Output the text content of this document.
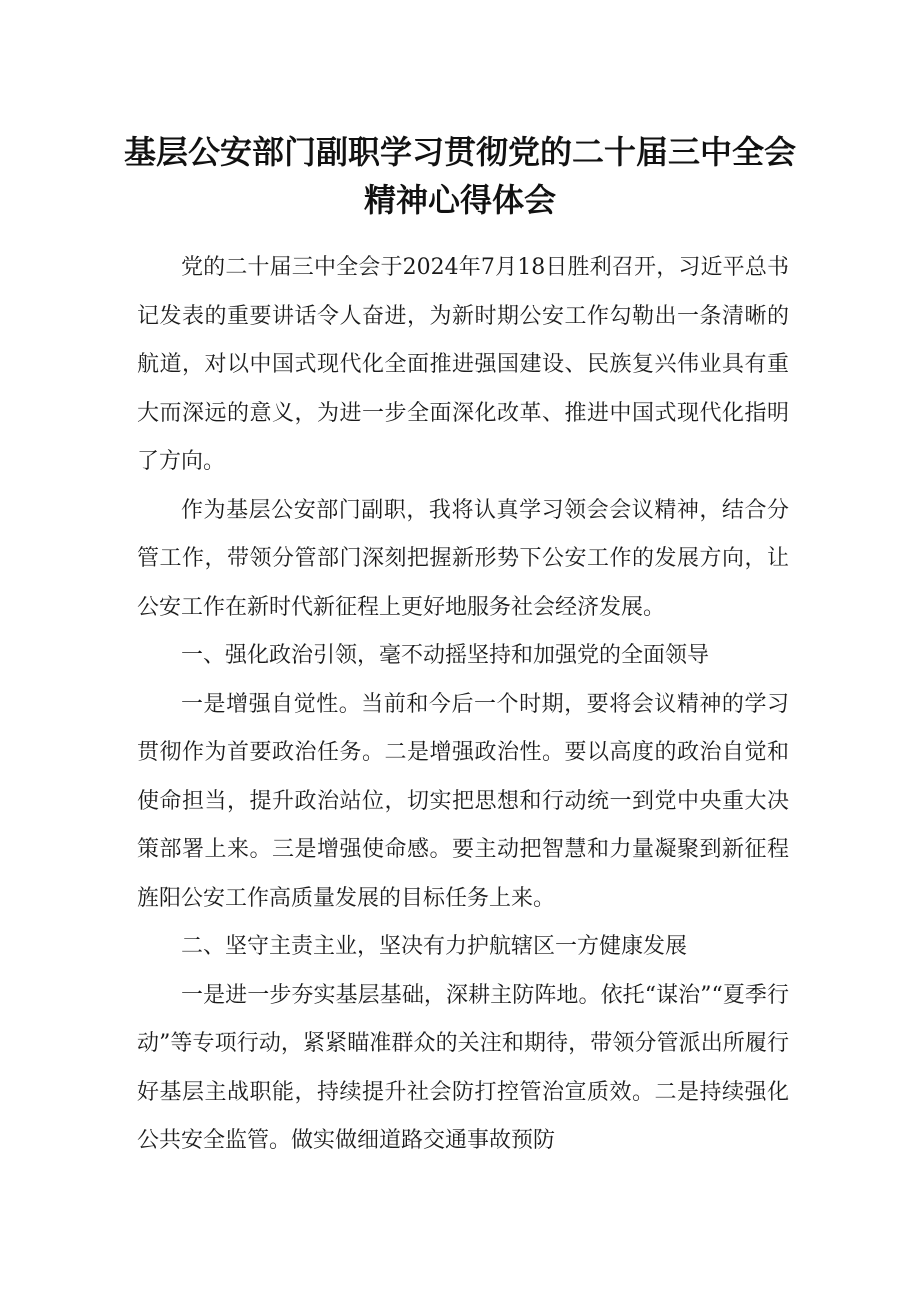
基层公安部门副职学习贯彻党的二十届三中全会精神心得体会

党的二十届三中全会于2024年7月18日胜利召开，习近平总书记发表的重要讲话令人奋进，为新时期公安工作勾勒出一条清晰的航道，对以中国式现代化全面推进强国建设、民族复兴伟业具有重大而深远的意义，为进一步全面深化改革、推进中国式现代化指明了方向。

作为基层公安部门副职，我将认真学习领会会议精神，结合分管工作，带领分管部门深刻把握新形势下公安工作的发展方向，让公安工作在新时代新征程上更好地服务社会经济发展。

一、强化政治引领，毫不动摇坚持和加强党的全面领导

一是增强自觉性。当前和今后一个时期，要将会议精神的学习贯彻作为首要政治任务。二是增强政治性。要以高度的政治自觉和使命担当，提升政治站位，切实把思想和行动统一到党中央重大决策部署上来。三是增强使命感。要主动把智慧和力量凝聚到新征程旌阳公安工作高质量发展的目标任务上来。

二、坚守主责主业，坚决有力护航辖区一方健康发展

一是进一步夯实基层基础，深耕主防阵地。依托“谋治”“夏季行动”等专项行动，紧紧瞄准群众的关注和期待，带领分管派出所履行好基层主战职能，持续提升社会防打控管治宣质效。二是持续强化公共安全监管。做实做细道路交通事故预防
